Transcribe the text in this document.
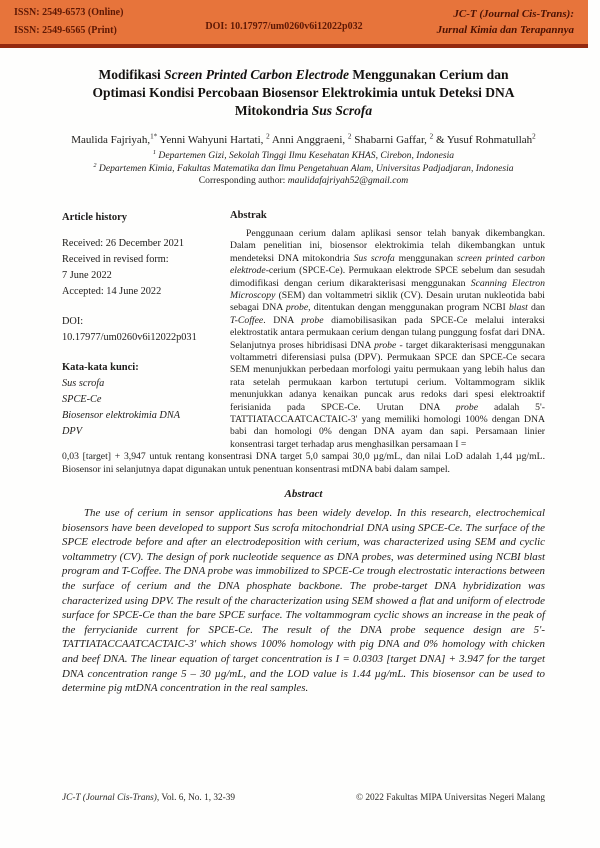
ISSN: 2549-6573 (Online)
ISSN: 2549-6565 (Print)	DOI: 10.17977/um0260v6i12022p032
JC-T (Journal Cis-Trans):
Jurnal Kimia dan Terapannya
Modifikasi Screen Printed Carbon Electrode Menggunakan Cerium dan Optimasi Kondisi Percobaan Biosensor Elektrokimia untuk Deteksi DNA Mitokondria Sus Scrofa
Maulida Fajriyah,$^{1*}$ Yenni Wahyuni Hartati, $^2$ Anni Anggraeni, $^2$ Shabarni Gaffar, $^2$ & Yusuf Rohmatullah$^2$
$^1$ Departemen Gizi, Sekolah Tinggi Ilmu Kesehatan KHAS, Cirebon, Indonesia
$^2$ Departemen Kimia, Fakultas Matematika dan Ilmu Pengetahuan Alam, Universitas Padjadjaran, Indonesia
Corresponding author: maulidafajriyah52@gmail.com

Article history

Received: 26 December 2021

Received in revised form:

7 June 2022

Accepted: 14 June 2022

DOI:

10.17977/um0260v6i12022p031

Kata-kata kunci:

Sus scrofa

SPCE-Ce

Biosensor elektrokimia DNA

DPV

Abstrak

Penggunaan cerium dalam aplikasi sensor telah banyak dikembangkan. Dalam penelitian ini, biosensor elektrokimia telah dikembangkan untuk mendeteksi DNA mitokondria Sus scrofa menggunakan screen printed carbon elektrode-cerium (SPCE-Ce). Permukaan elektrode SPCE sebelum dan sesudah dimodifikasi dengan cerium dikarakterisasi menggunakan Scanning Electron Microscopy (SEM) dan voltammetri siklik (CV). Desain urutan nukleotida babi sebagai DNA probe, ditentukan dengan menggunakan program NCBI blast dan T-Coffee. DNA probe diamobilisasikan pada SPCE-Ce melalui interaksi elektrostatik antara permukaan cerium dengan tulang punggung fosfat dari DNA. Selanjutnya proses hibridisasi DNA probe - target dikarakterisasi menggunakan voltammetri diferensiasi pulsa (DPV). Permukaan SPCE dan SPCE-Ce secara SEM menunjukkan perbedaan morfologi yaitu permukaan yang lebih halus dan rata setelah permukaan karbon tertutupi cerium. Voltammogram siklik menunjukkan adanya kenaikan puncak arus redoks dari spesi elektroaktif ferisianida pada SPCE-Ce. Urutan DNA probe adalah 5'-TATTIATACCAATCACTAIC-3' yang memiliki homologi 100% dengan DNA babi dan homologi 0% dengan DNA ayam dan sapi. Persamaan linier konsentrasi target terhadap arus menghasilkan persamaan I =

0,03 [target] + 3,947 untuk rentang konsentrasi DNA target 5,0 sampai 30,0 µg/mL, dan nilai LoD adalah 1,44 µg/mL. Biosensor ini selanjutnya dapat digunakan untuk penentuan konsentrasi mtDNA babi dalam sampel.

Abstract

The use of cerium in sensor applications has been widely develop. In this research, electrochemical biosensors have been developed to support Sus scrofa mitochondrial DNA using SPCE-Ce. The surface of the SPCE electrode before and after an electrodeposition with cerium, was characterized using SEM and cyclic voltammetry (CV). The design of pork nucleotide sequence as DNA probes, was determined using NCBI blast program and T-Coffee. The DNA probe was immobilized to SPCE-Ce trough electrostatic interactions between the surface of cerium and the DNA phosphate backbone. The probe-target DNA hybridization was characterized using DPV. The result of the characterization using SEM showed a flat and uniform of electrode surface for SPCE-Ce than the bare SPCE surface. The voltammogram cyclic shows an increase in the peak of the ferrycianide current for SPCE-Ce. The result of the DNA probe sequence design are 5'-TATTIATACCAATCACTAIC-3' which shows 100% homology with pig DNA and 0% homology with chicken and beef DNA. The linear equation of target concentration is I = 0.0303 [target DNA] + 3.947 for the target DNA concentration range 5 – 30 µg/mL, and the LOD value is 1.44 µg/mL. This biosensor can be used to determine pig mtDNA concentration in the real samples.

JC-T (Journal Cis-Trans), Vol. 6, No. 1, 32-39	© 2022 Fakultas MIPA Universitas Negeri Malang
